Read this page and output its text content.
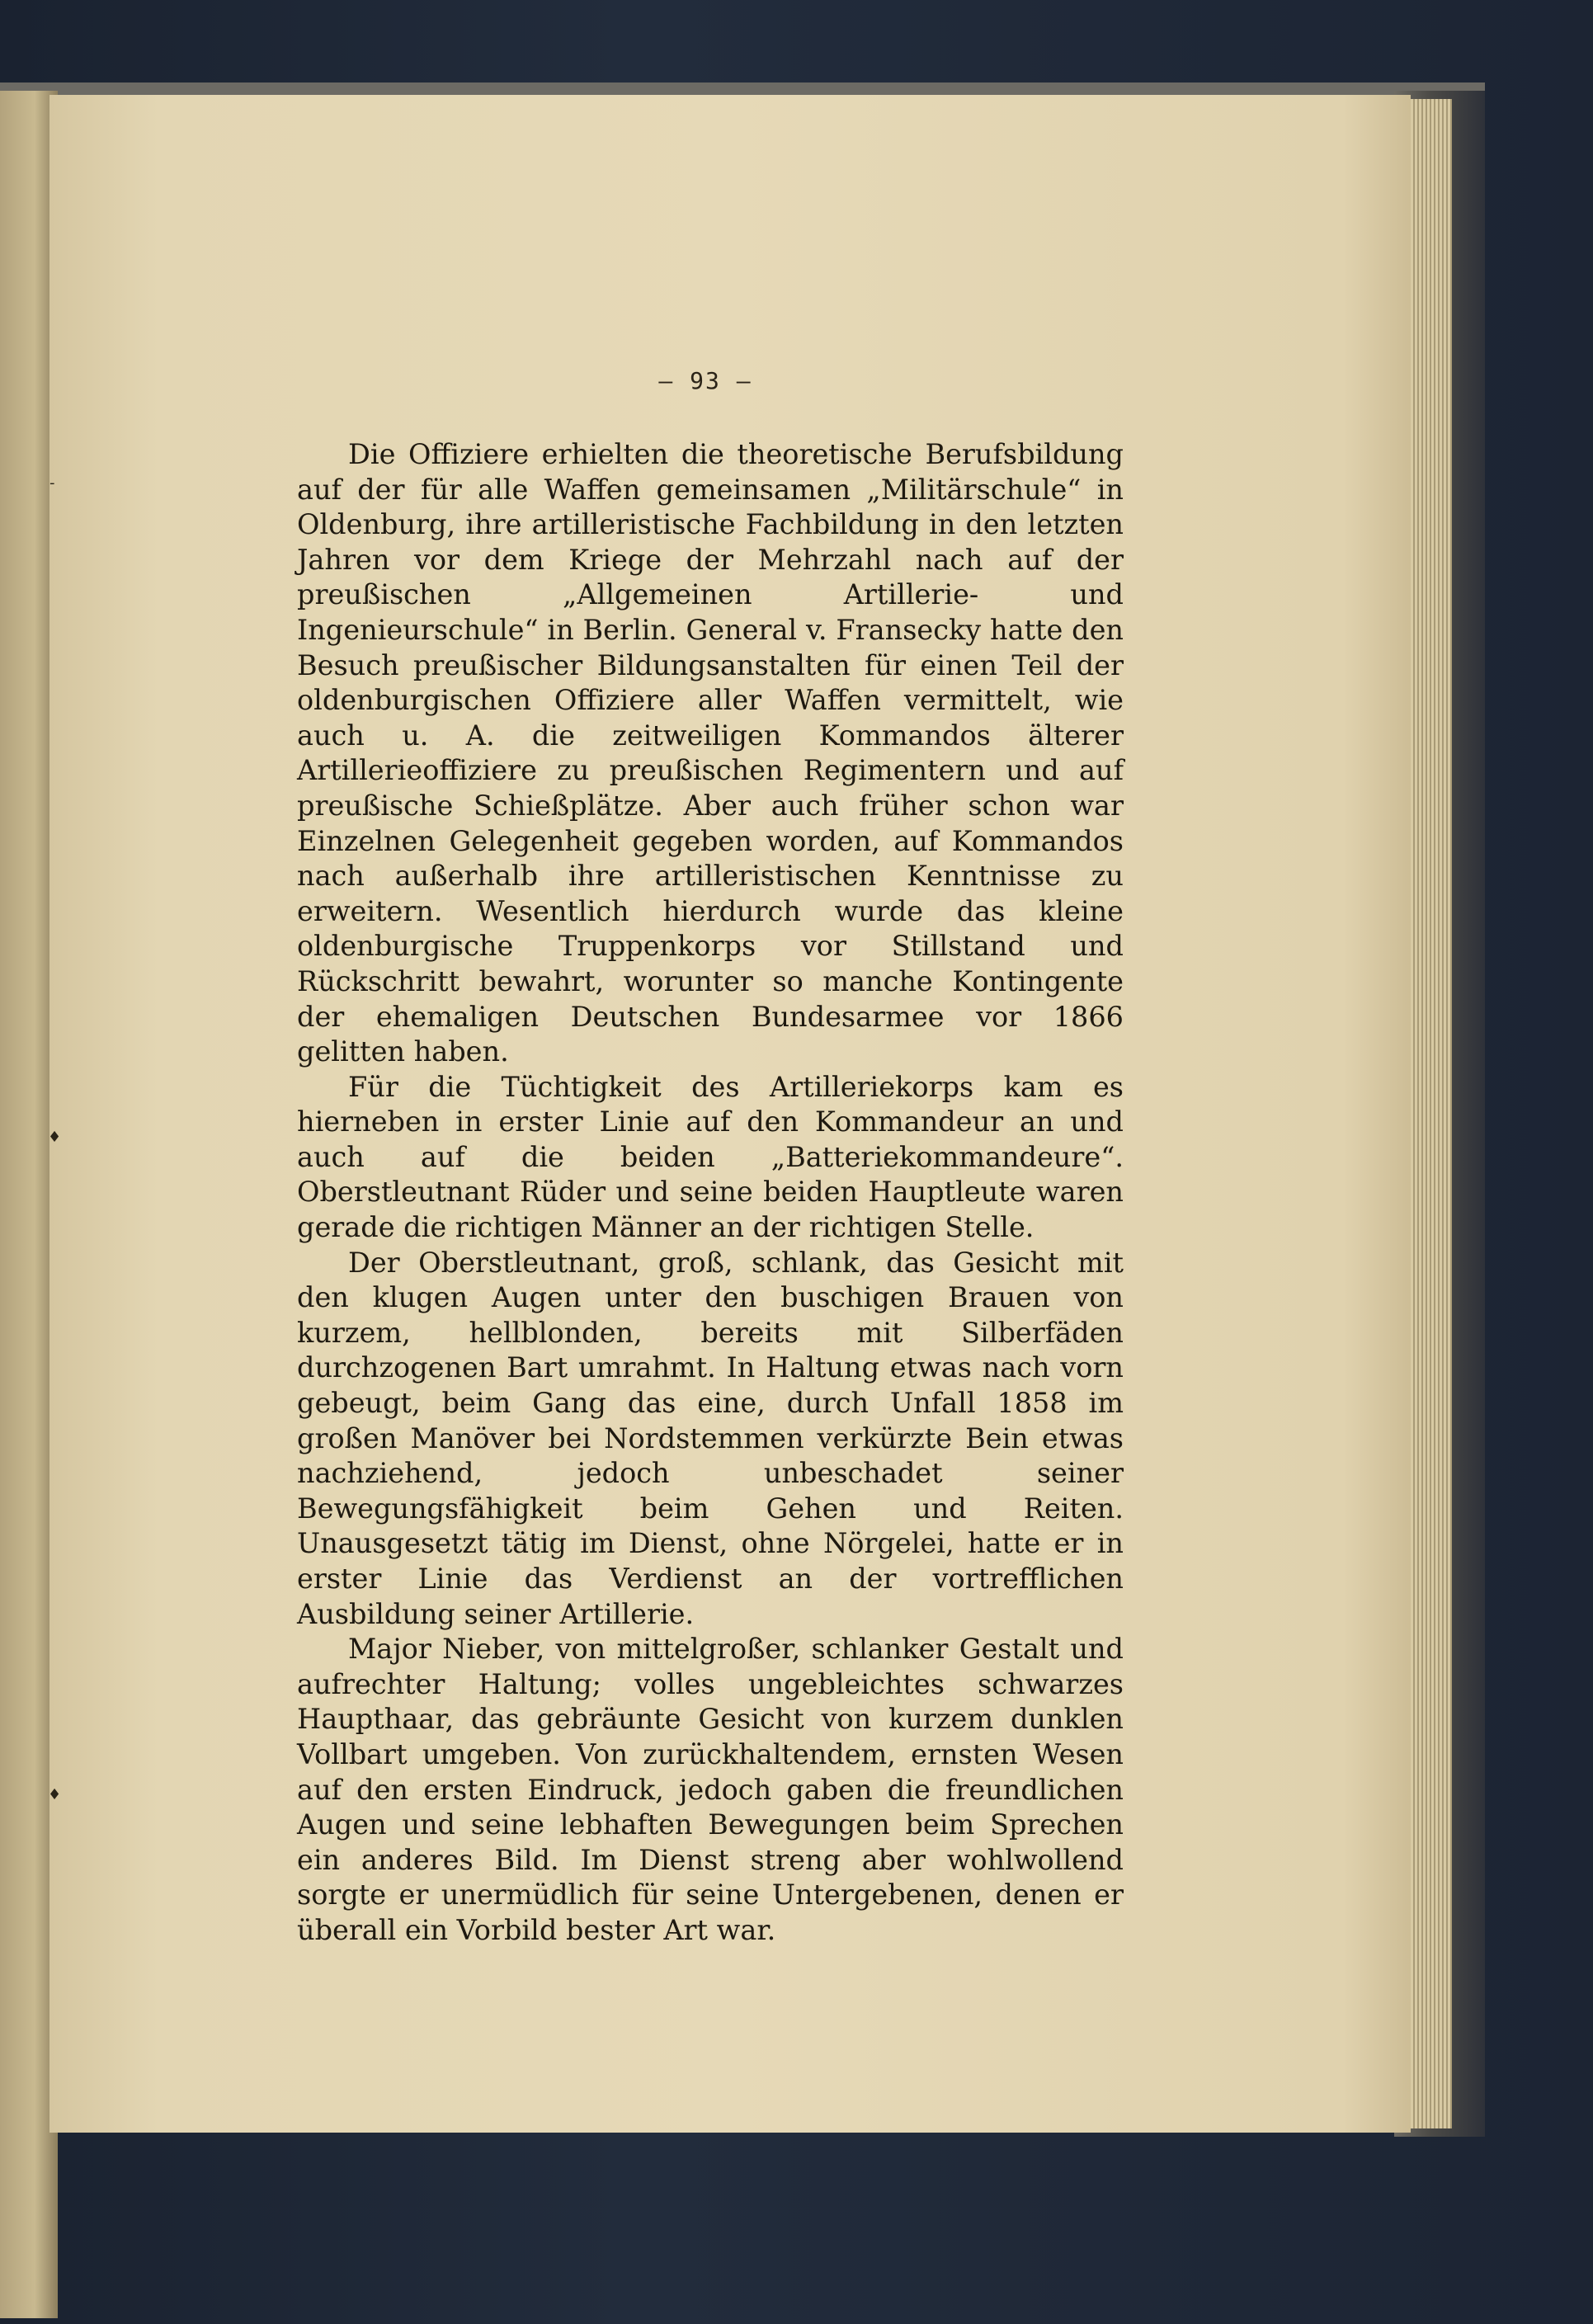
— 93 —

Die Offiziere erhielten die theoretische Berufsbildung auf der für alle Waffen gemeinsamen „Militärschule“ in Oldenburg, ihre artilleristische Fachbildung in den letzten Jahren vor dem Kriege der Mehrzahl nach auf der preußischen „Allgemeinen Artillerie- und Ingenieurschule“ in Berlin. General v. Fransecky hatte den Besuch preußischer Bildungsanstalten für einen Teil der oldenburgischen Offiziere aller Waffen vermittelt, wie auch u. A. die zeitweiligen Kommandos älterer Artillerieoffiziere zu preußischen Regimentern und auf preußische Schießplätze. Aber auch früher schon war Einzelnen Gelegenheit gegeben worden, auf Kommandos nach außerhalb ihre artilleristischen Kenntnisse zu erweitern. Wesentlich hierdurch wurde das kleine oldenburgische Truppenkorps vor Stillstand und Rückschritt bewahrt, worunter so manche Kontingente der ehemaligen Deutschen Bundesarmee vor 1866 gelitten haben.

Für die Tüchtigkeit des Artilleriekorps kam es hierneben in erster Linie auf den Kommandeur an und auch auf die beiden „Batteriekommandeure“. Oberstleutnant Rüder und seine beiden Hauptleute waren gerade die richtigen Männer an der richtigen Stelle.

Der Oberstleutnant, groß, schlank, das Gesicht mit den klugen Augen unter den buschigen Brauen von kurzem, hellblonden, bereits mit Silberfäden durchzogenen Bart umrahmt. In Haltung etwas nach vorn gebeugt, beim Gang das eine, durch Unfall 1858 im großen Manöver bei Nordstemmen verkürzte Bein etwas nachziehend, jedoch unbeschadet seiner Bewegungsfähigkeit beim Gehen und Reiten. Unausgesetzt tätig im Dienst, ohne Nörgelei, hatte er in erster Linie das Verdienst an der vortrefflichen Ausbildung seiner Artillerie.

Major Nieber, von mittelgroßer, schlanker Gestalt und aufrechter Haltung; volles ungebleichtes schwarzes Haupthaar, das gebräunte Gesicht von kurzem dunklen Vollbart umgeben. Von zurückhaltendem, ernsten Wesen auf den ersten Eindruck, jedoch gaben die freundlichen Augen und seine lebhaften Bewegungen beim Sprechen ein anderes Bild. Im Dienst streng aber wohlwollend sorgte er unermüdlich für seine Untergebenen, denen er überall ein Vorbild bester Art war.

-
♦
♦
